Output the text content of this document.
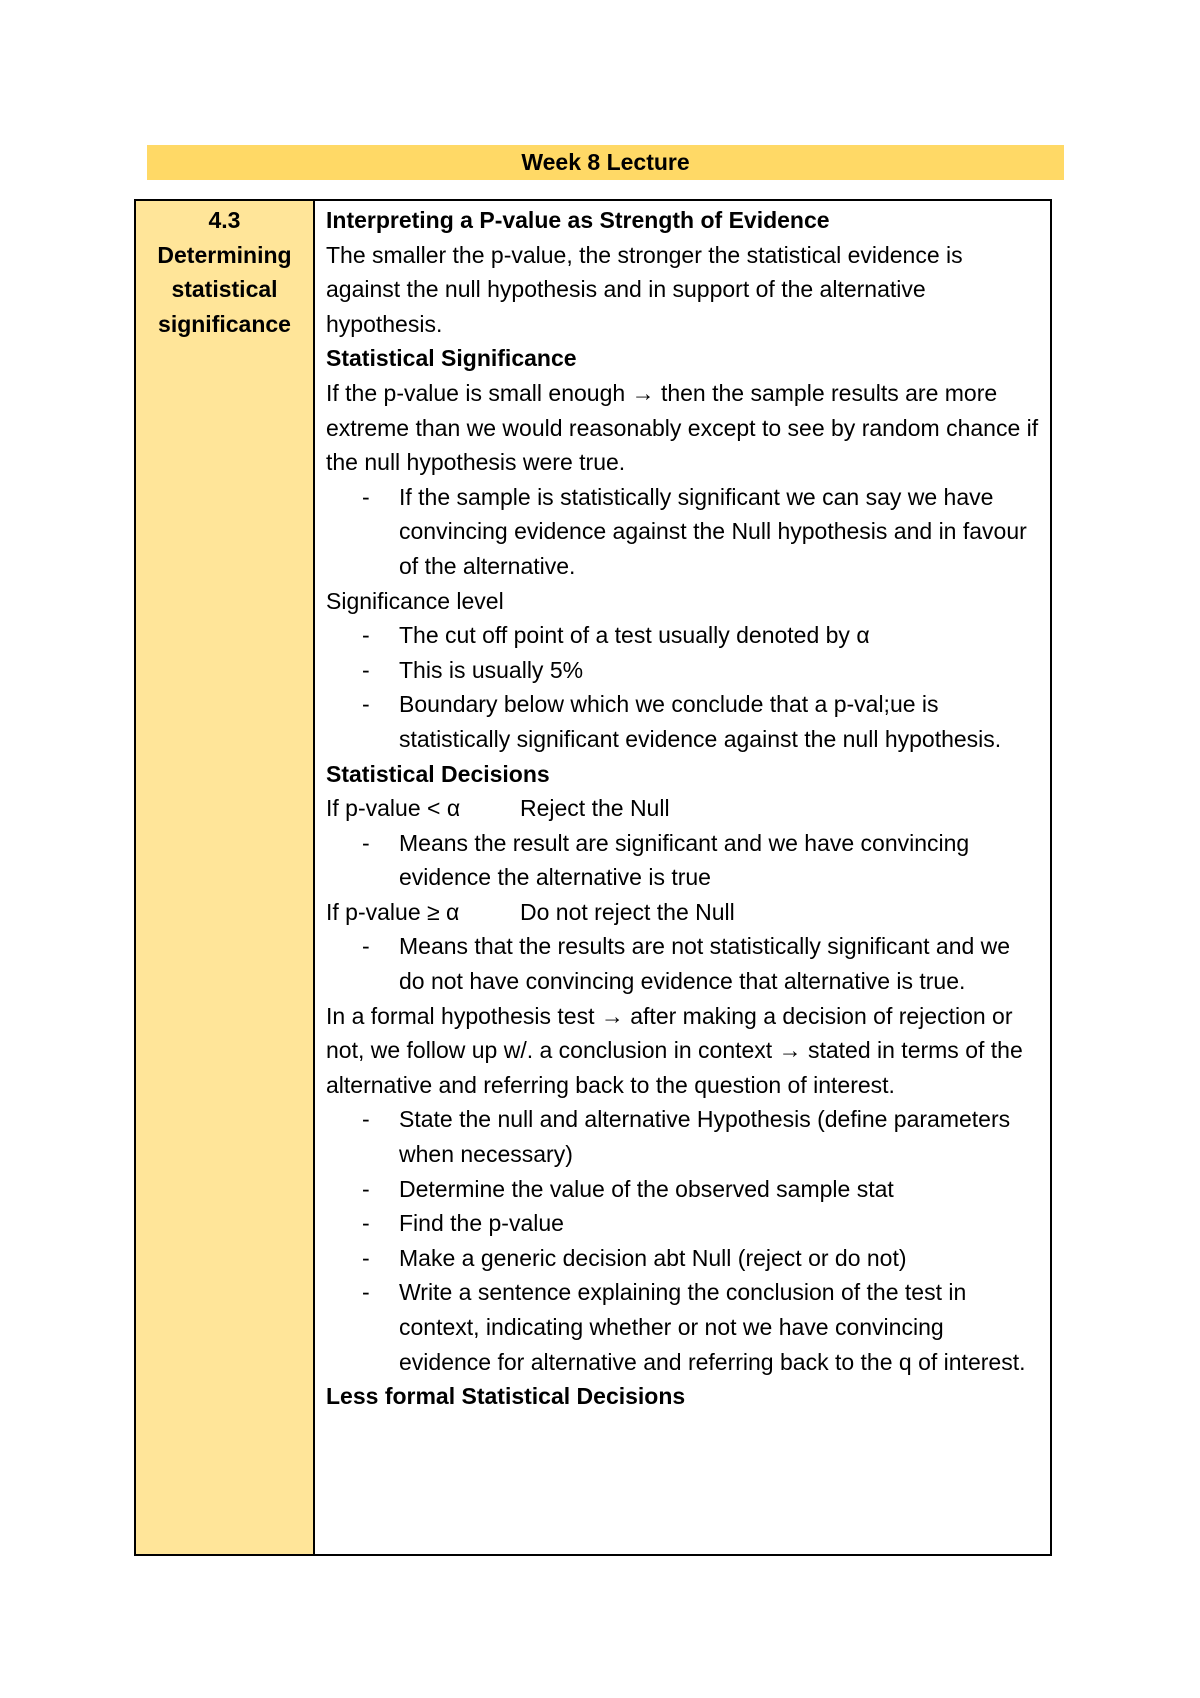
Week 8 Lecture
4.3
Determining
statistical
significance

Interpreting a P-value as Strength of Evidence

The smaller the p-value, the stronger the statistical evidence is against the null hypothesis and in support of the alternative hypothesis.

Statistical Significance

If the p-value is small enough → then the sample results are more extreme than we would reasonably except to see by random chance if the null hypothesis were true.

- If the sample is statistically significant we can say we have convincing evidence against the Null hypothesis and in favour of the alternative.

Significance level

- The cut off point of a test usually denoted by α
- This is usually 5%
- Boundary below which we conclude that a p-val;ue is statistically significant evidence against the null hypothesis.

Statistical Decisions

If p-value < α	Reject the Null
- Means the result are significant and we have convincing evidence the alternative is true
If p-value ≥ α	Do not reject the Null
- Means that the results are not statistically significant and we do not have convincing evidence that alternative is true.

In a formal hypothesis test → after making a decision of rejection or not, we follow up w/. a conclusion in context → stated in terms of the alternative and referring back to the question of interest.

- State the null and alternative Hypothesis (define parameters when necessary)
- Determine the value of the observed sample stat
- Find the p-value
- Make a generic decision abt Null (reject or do not)
- Write a sentence explaining the conclusion of the test in context, indicating whether or not we have convincing evidence for alternative and referring back to the q of interest.

Less formal Statistical Decisions
